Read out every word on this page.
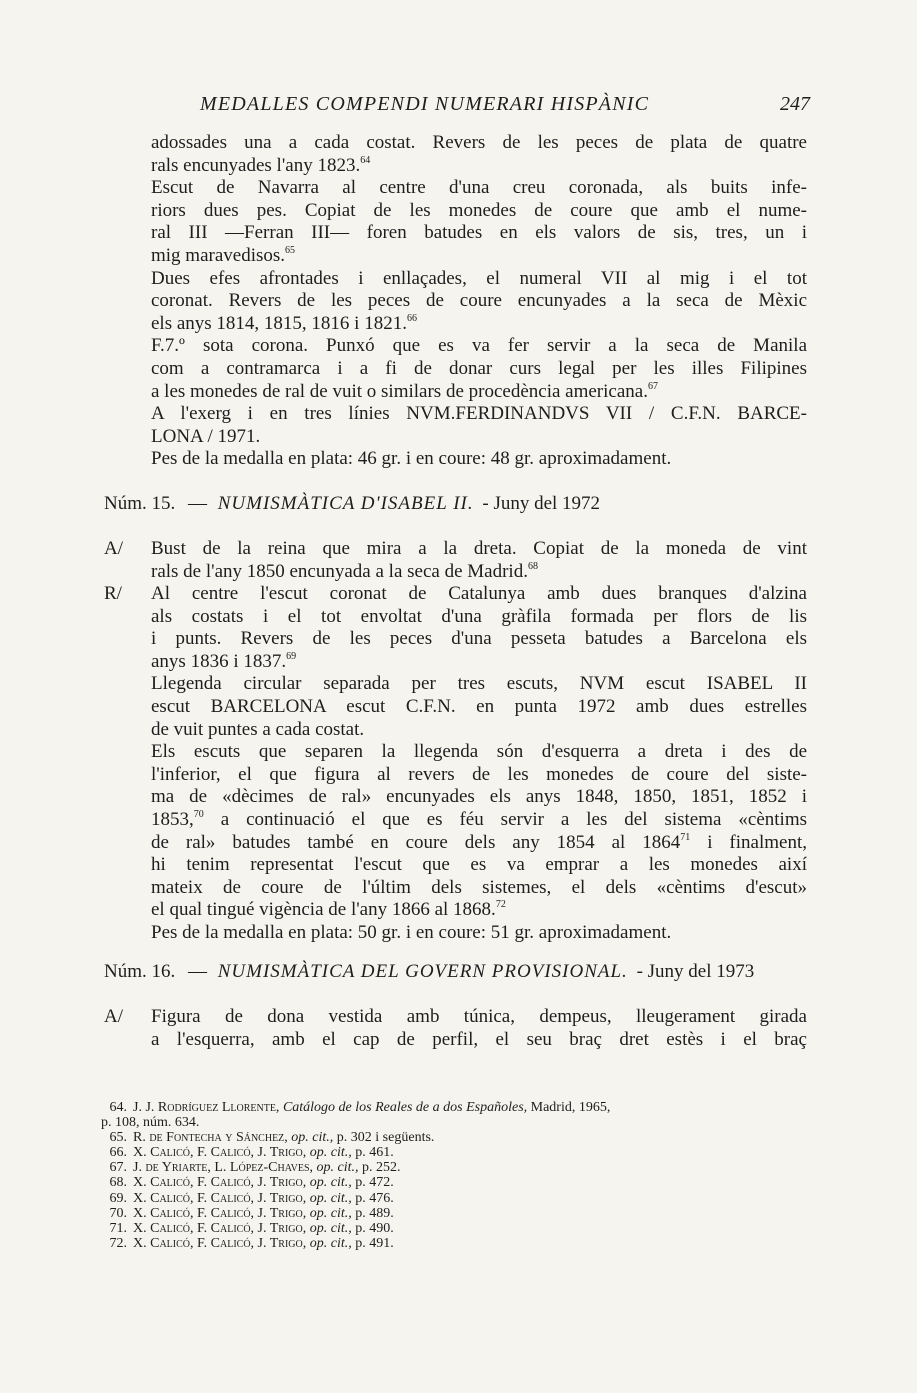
MEDALLES COMPENDI NUMERARI HISPÀNIC	247
adossades una a cada costat. Revers de les peces de plata de quatre
rals encunyades l'any 1823.64
Escut de Navarra al centre d'una creu coronada, als buits infe-
riors dues pes. Copiat de les monedes de coure que amb el nume-
ral III —Ferran III— foren batudes en els valors de sis, tres, un i
mig maravedisos.$^{65}$
Dues efes afrontades i enllaçades, el numeral VII al mig i el tot
coronat. Revers de les peces de coure encunyades a la seca de Mèxic
els anys 1814, 1815, 1816 i 1821.66
F.7.º sota corona. Punxó que es va fer servir a la seca de Manila
com a contramarca i a fi de donar curs legal per les illes Filipines
a les monedes de ral de vuit o similars de procedència americana.$^{67}$
A l'exerg i en tres línies NVM.FERDINANDVS VII / C.F.N. BARCE-
LONA / 1971.
Pes de la medalla en plata: 46 gr. i en coure: 48 gr. aproximadament.
Núm. 15. — NUMISMÀTICA D'ISABEL II. - Juny del 1972
A/ Bust de la reina que mira a la dreta. Copiat de la moneda de vint
rals de l'any 1850 encunyada a la seca de Madrid.$^{68}$
R/ Al centre l'escut coronat de Catalunya amb dues branques d'alzina
als costats i el tot envoltat d'una gràfila formada per flors de lis
i punts. Revers de les peces d'una pesseta batudes a Barcelona els
anys 1836 i 1837.69
Llegenda circular separada per tres escuts, NVM escut ISABEL II
escut BARCELONA escut C.F.N. en punta 1972 amb dues estrelles
de vuit puntes a cada costat.
Els escuts que separen la llegenda són d'esquerra a dreta i des de
l'inferior, el que figura al revers de les monedes de coure del siste-
ma de «dècimes de ral» encunyades els anys 1848, 1850, 1851, 1852 i
1853,70 a continuació el que es féu servir a les del sistema «cèntims
de ral» batudes també en coure dels any 1854 al 1864$^{71}$ i finalment,
hi tenim representat l'escut que es va emprar a les monedes així
mateix de coure de l'últim dels sistemes, el dels «cèntims d'escut»
el qual tingué vigència de l'any 1866 al 1868.72
Pes de la medalla en plata: 50 gr. i en coure: 51 gr. aproximadament.
Núm. 16. — NUMISMÀTICA DEL GOVERN PROVISIONAL. - Juny del 1973
A/ Figura de dona vestida amb túnica, dempeus, lleugerament girada
a l'esquerra, amb el cap de perfil, el seu braç dret estès i el braç
64. J. J. Rodríguez Llorente, Catálogo de los Reales de a dos Españoles, Madrid, 1965,
p. 108, núm. 634.
65. R. de Fontecha y Sánchez, op. cit., p. 302 i següents.
66. X. Calicó, F. Calicó, J. Trigo, op. cit., p. 461.
67. J. de Yriarte, L. López-Chaves, op. cit., p. 252.
68. X. Calicó, F. Calicó, J. Trigo, op. cit., p. 472.
69. X. Calicó, F. Calicó, J. Trigo, op. cit., p. 476.
70. X. Calicó, F. Calicó, J. Trigo, op. cit., p. 489.
71. X. Calicó, F. Calicó, J. Trigo, op. cit., p. 490.
72. X. Calicó, F. Calicó, J. Trigo, op. cit., p. 491.
